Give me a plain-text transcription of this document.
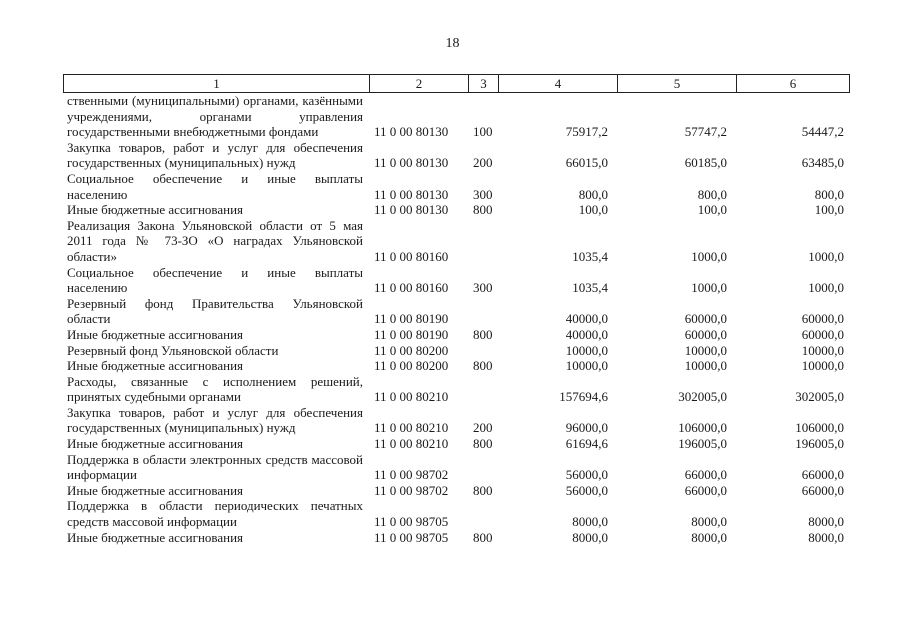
18
1	2	3	4	5	6
ственными (муниципальными) органами, казёнными учреждениями, органами управления государственными внебюджетными фондами	11 0 00 80130 100	75917,2	57747,2	54447,2
Закупка товаров, работ и услуг для обеспечения государственных (муниципальных) нужд	11 0 00 80130 200	66015,0	60185,0	63485,0
Социальное обеспечение и иные выплаты населению	11 0 00 80130 300	800,0	800,0	800,0
Иные бюджетные ассигнования	11 0 00 80130 800	100,0	100,0	100,0
Реализация Закона Ульяновской области от 5 мая 2011 года № 73-ЗО «О наградах Ульяновской области»	11 0 00 80160	1035,4	1000,0	1000,0
Социальное обеспечение и иные выплаты населению	11 0 00 80160 300	1035,4	1000,0	1000,0
Резервный фонд Правительства Ульяновской области	11 0 00 80190	40000,0	60000,0	60000,0
Иные бюджетные ассигнования	11 0 00 80190 800	40000,0	60000,0	60000,0
Резервный фонд Ульяновской области	11 0 00 80200	10000,0	10000,0	10000,0
Иные бюджетные ассигнования	11 0 00 80200 800	10000,0	10000,0	10000,0
Расходы, связанные с исполнением решений, принятых судебными органами	11 0 00 80210	157694,6	302005,0	302005,0
Закупка товаров, работ и услуг для обеспечения государственных (муниципальных) нужд	11 0 00 80210 200	96000,0	106000,0	106000,0
Иные бюджетные ассигнования	11 0 00 80210 800	61694,6	196005,0	196005,0
Поддержка в области электронных средств массовой информации	11 0 00 98702	56000,0	66000,0	66000,0
Иные бюджетные ассигнования	11 0 00 98702 800	56000,0	66000,0	66000,0
Поддержка в области периодических печатных средств массовой информации	11 0 00 98705	8000,0	8000,0	8000,0
Иные бюджетные ассигнования	11 0 00 98705 800	8000,0	8000,0	8000,0
